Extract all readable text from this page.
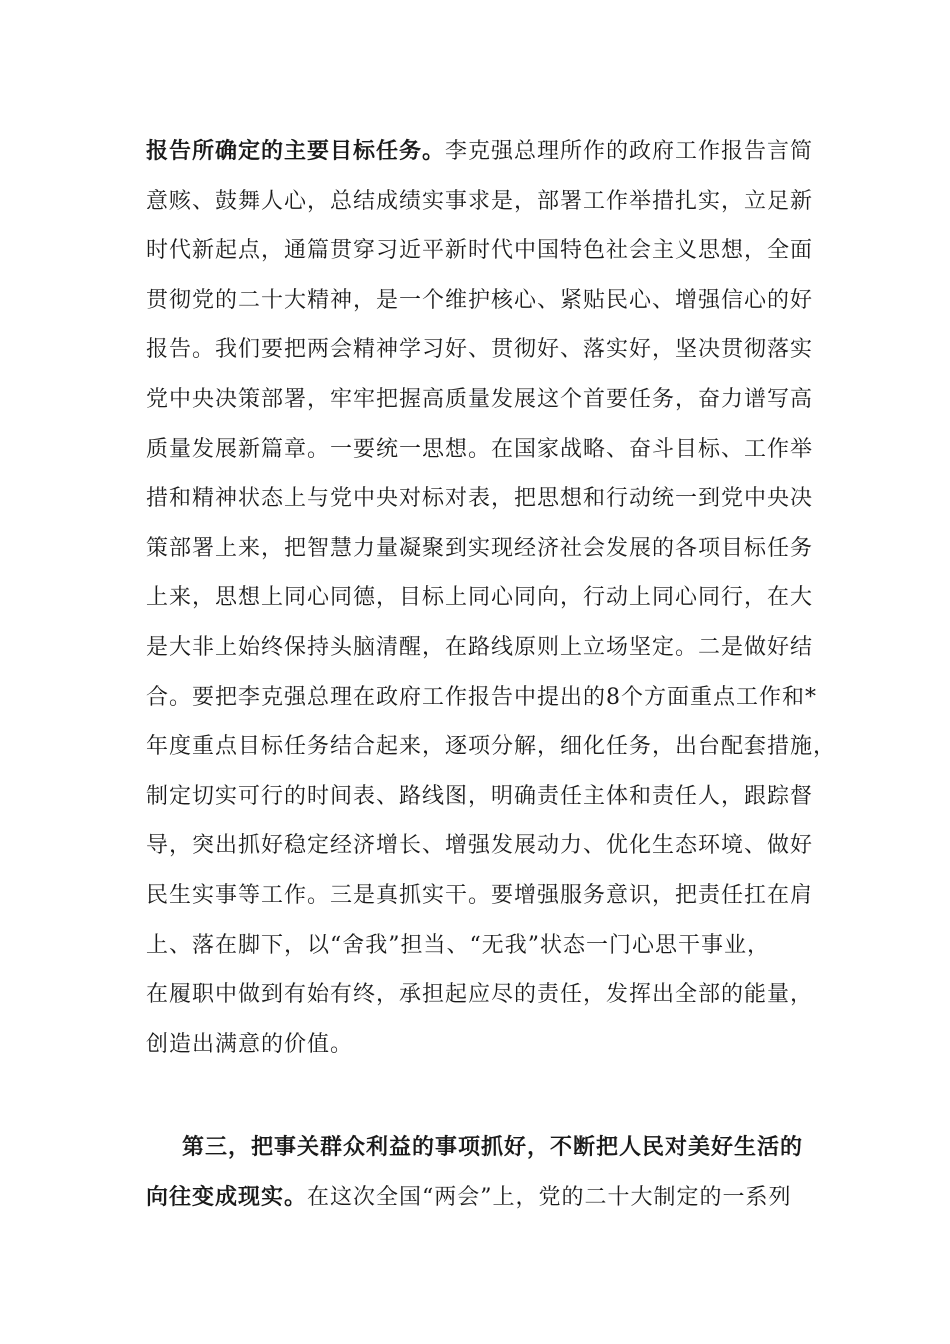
报告所确定的主要目标任务。李克强总理所作的政府工作报告言简
意赅、鼓舞人心，总结成绩实事求是，部署工作举措扎实，立足新
时代新起点，通篇贯穿习近平新时代中国特色社会主义思想，全面
贯彻党的二十大精神，是一个维护核心、紧贴民心、增强信心的好
报告。我们要把两会精神学习好、贯彻好、落实好，坚决贯彻落实
党中央决策部署，牢牢把握高质量发展这个首要任务，奋力谱写高
质量发展新篇章。一要统一思想。在国家战略、奋斗目标、工作举
措和精神状态上与党中央对标对表，把思想和行动统一到党中央决
策部署上来，把智慧力量凝聚到实现经济社会发展的各项目标任务
上来，思想上同心同德，目标上同心同向，行动上同心同行，在大
是大非上始终保持头脑清醒，在路线原则上立场坚定。二是做好结
合。要把李克强总理在政府工作报告中提出的8个方面重点工作和*
年度重点目标任务结合起来，逐项分解，细化任务，出台配套措施，
制定切实可行的时间表、路线图，明确责任主体和责任人，跟踪督
导，突出抓好稳定经济增长、增强发展动力、优化生态环境、做好
民生实事等工作。三是真抓实干。要增强服务意识，把责任扛在肩
上、落在脚下，以“舍我”担当、“无我”状态一门心思干事业，
在履职中做到有始有终，承担起应尽的责任，发挥出全部的能量，
创造出满意的价值。
第三，把事关群众利益的事项抓好，不断把人民对美好生活的
向往变成现实。在这次全国“两会”上，党的二十大制定的一系列
